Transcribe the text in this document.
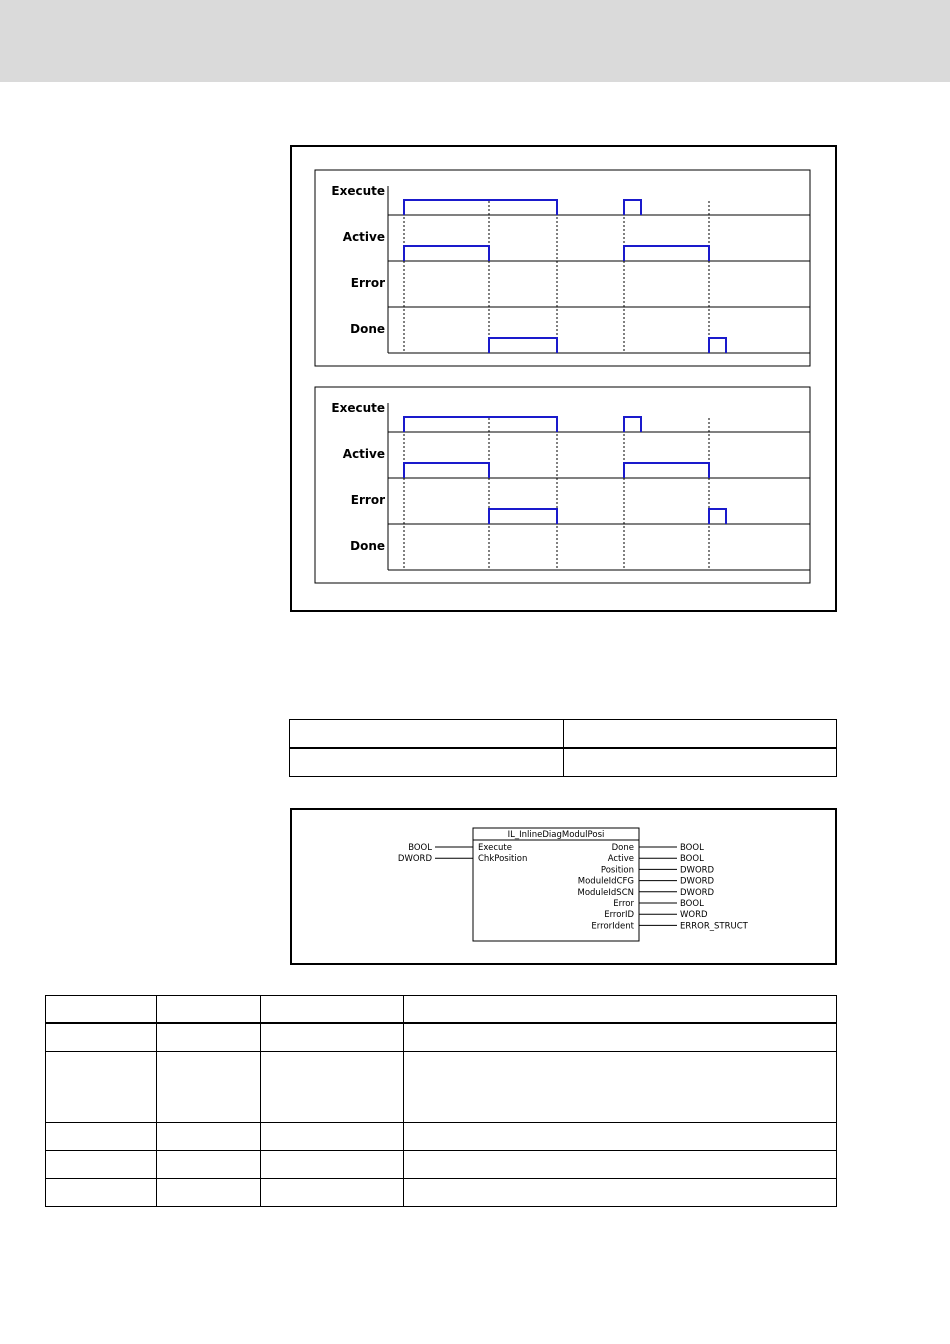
Execute
Active
Error
Done
Execute
Active
Error
Done

IL_InlineDiagModulPosi
BOOL	Execute
DWORD	ChkPosition
Done	BOOL
Active	BOOL
Position	DWORD
ModuleIdCFG	DWORD
ModuleIdSCN	DWORD
Error	BOOL
ErrorID	WORD
ErrorIdent	ERROR_STRUCT
